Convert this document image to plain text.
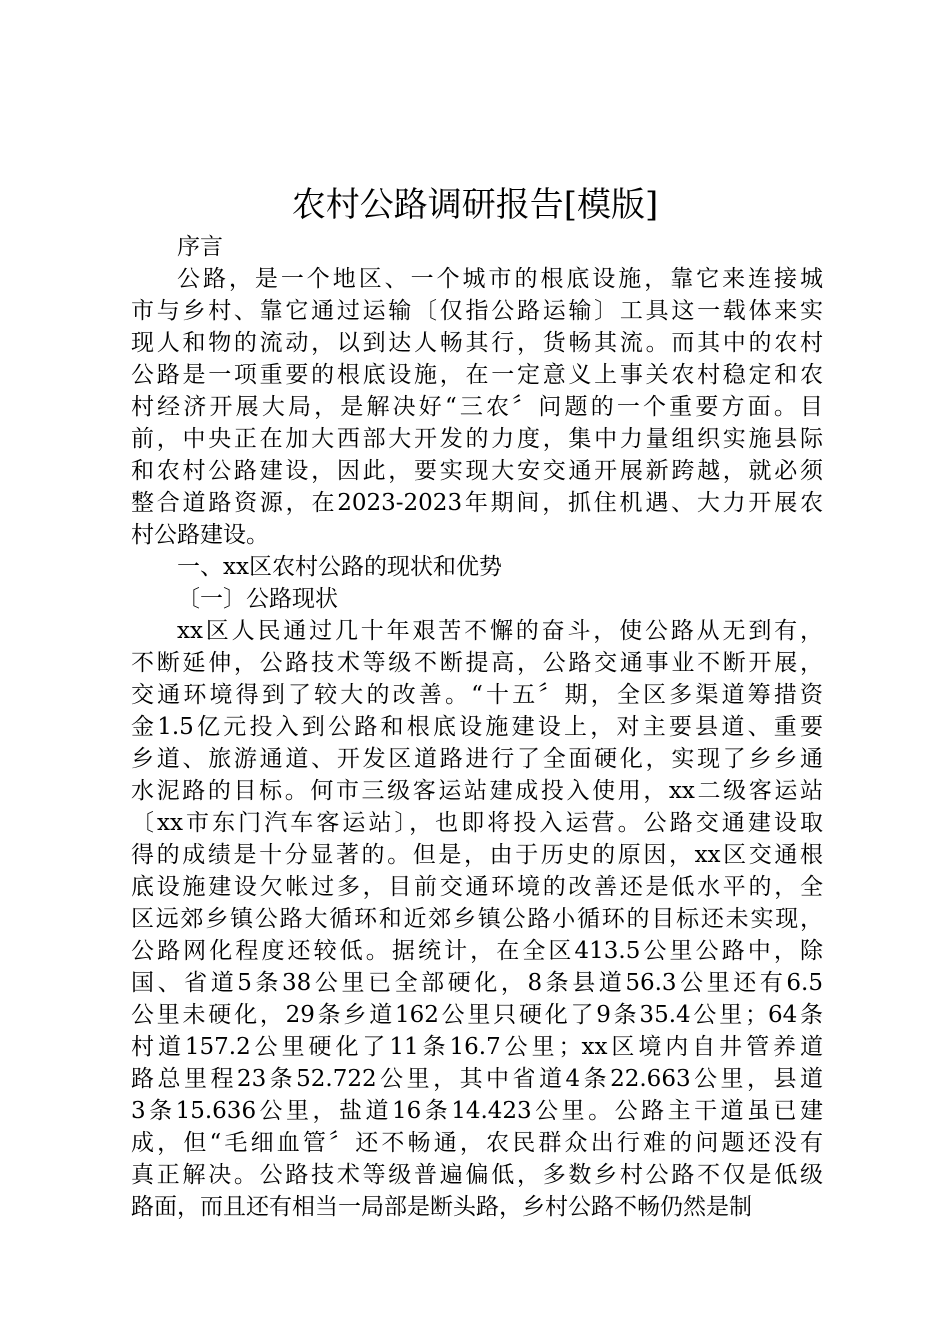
农村公路调研报告[模版]
序言
公路，是一个地区、一个城市的根底设施，靠它来连接城
市与乡村、靠它通过运输〔仅指公路运输〕工具这一载体来实
现人和物的流动，以到达人畅其行，货畅其流。而其中的农村
公路是一项重要的根底设施，在一定意义上事关农村稳定和农
村经济开展大局，是解决好“三农〞问题的一个重要方面。目
前，中央正在加大西部大开发的力度，集中力量组织实施县际
和农村公路建设，因此，要实现大安交通开展新跨越，就必须
整合道路资源，在2023-2023年期间，抓住机遇、大力开展农
村公路建设。
一、xx区农村公路的现状和优势
〔一〕公路现状
xx区人民通过几十年艰苦不懈的奋斗，使公路从无到有，
不断延伸，公路技术等级不断提高，公路交通事业不断开展，
交通环境得到了较大的改善。“十五〞期，全区多渠道筹措资
金1.5亿元投入到公路和根底设施建设上，对主要县道、重要
乡道、旅游通道、开发区道路进行了全面硬化，实现了乡乡通
水泥路的目标。何市三级客运站建成投入使用，xx二级客运站
〔xx市东门汽车客运站〕，也即将投入运营。公路交通建设取
得的成绩是十分显著的。但是，由于历史的原因，xx区交通根
底设施建设欠帐过多，目前交通环境的改善还是低水平的，全
区远郊乡镇公路大循环和近郊乡镇公路小循环的目标还未实现，
公路网化程度还较低。据统计，在全区413.5公里公路中，除
国、省道5条38公里已全部硬化，8条县道56.3公里还有6.5
公里未硬化，29条乡道162公里只硬化了9条35.4公里；64条
村道157.2公里硬化了11条16.7公里；xx区境内自井管养道
路总里程23条52.722公里，其中省道4条22.663公里，县道
3条15.636公里，盐道16条14.423公里。公路主干道虽已建
成，但“毛细血管〞还不畅通，农民群众出行难的问题还没有
真正解决。公路技术等级普遍偏低，多数乡村公路不仅是低级
路面，而且还有相当一局部是断头路，乡村公路不畅仍然是制
